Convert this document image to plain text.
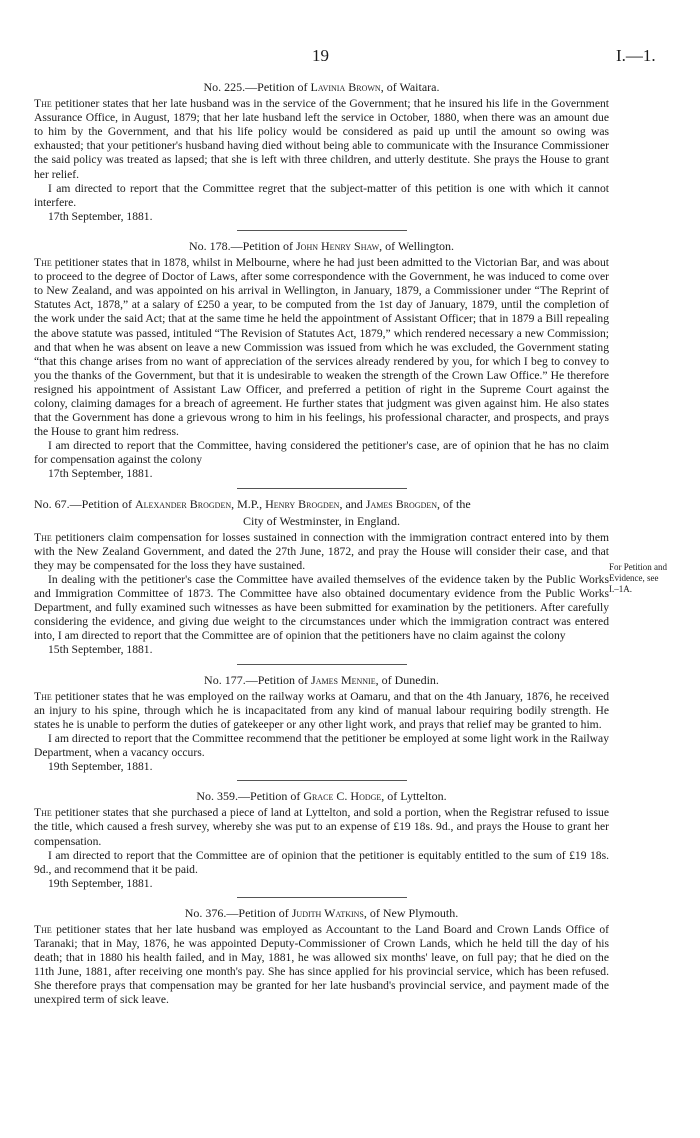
19	I.—1.
For Petition and
Evidence, see
I.–1A.
No. 225.—Petition of Lavinia Brown, of Waitara.

The petitioner states that her late husband was in the service of the Government; that he insured his life in the Government Assurance Office, in August, 1879; that her late husband left the service in October, 1880, when there was an amount due to him by the Government, and that his life policy would be considered as paid up until the amount so owing was exhausted; that your petitioner's husband having died without being able to communicate with the Insurance Commissioner the said policy was treated as lapsed; that she is left with three children, and utterly destitute. She prays the House to grant her relief.

I am directed to report that the Committee regret that the subject-matter of this petition is one with which it cannot interfere.

17th September, 1881.
No. 178.—Petition of John Henry Shaw, of Wellington.

The petitioner states that in 1878, whilst in Melbourne, where he had just been admitted to the Victorian Bar, and was about to proceed to the degree of Doctor of Laws, after some correspondence with the Government, he was induced to come over to New Zealand, and was appointed on his arrival in Wellington, in January, 1879, a Commissioner under “The Reprint of Statutes Act, 1878,” at a salary of £250 a year, to be computed from the 1st day of January, 1879, until the completion of the work under the said Act; that at the same time he held the appointment of Assistant Officer; that in 1879 a Bill repealing the above statute was passed, intituled “The Revision of Statutes Act, 1879,” which rendered necessary a new Commission; and that when he was absent on leave a new Commission was issued from which he was excluded, the Government stating “that this change arises from no want of appreciation of the services already rendered by you, for which I beg to convey to you the thanks of the Government, but that it is undesirable to weaken the strength of the Crown Law Office.” He therefore resigned his appointment of Assistant Law Officer, and preferred a petition of right in the Supreme Court against the colony, claiming damages for a breach of agreement. He further states that judgment was given against him. He also states that the Government has done a grievous wrong to him in his feelings, his professional character, and prospects, and prays the House to grant him redress.

I am directed to report that the Committee, having considered the petitioner's case, are of opinion that he has no claim for compensation against the colony

17th September, 1881.
No. 67.—Petition of Alexander Brogden, M.P., Henry Brogden, and James Brogden, of the
City of Westminster, in England.

The petitioners claim compensation for losses sustained in connection with the immigration contract entered into by them with the New Zealand Government, and dated the 27th June, 1872, and pray the House will consider their case, and that they may be compensated for the loss they have sustained.

In dealing with the petitioner's case the Committee have availed themselves of the evidence taken by the Public Works and Immigration Committee of 1873. The Committee have also obtained documentary evidence from the Public Works Department, and fully examined such witnesses as have been submitted for examination by the petitioners. After carefully considering the evidence, and giving due weight to the circumstances under which the immigration contract was entered into, I am directed to report that the Committee are of opinion that the petitioners have no claim against the colony

15th September, 1881.
No. 177.—Petition of James Mennie, of Dunedin.

The petitioner states that he was employed on the railway works at Oamaru, and that on the 4th January, 1876, he received an injury to his spine, through which he is incapacitated from any kind of manual labour requiring bodily strength. He states he is unable to perform the duties of gatekeeper or any other light work, and prays that relief may be granted to him.

I am directed to report that the Committee recommend that the petitioner be employed at some light work in the Railway Department, when a vacancy occurs.

19th September, 1881.
No. 359.—Petition of Grace C. Hodge, of Lyttelton.

The petitioner states that she purchased a piece of land at Lyttelton, and sold a portion, when the Registrar refused to issue the title, which caused a fresh survey, whereby she was put to an expense of £19 18s. 9d., and prays the House to grant her compensation.

I am directed to report that the Committee are of opinion that the petitioner is equitably entitled to the sum of £19 18s. 9d., and recommend that it be paid.

19th September, 1881.
No. 376.—Petition of Judith Watkins, of New Plymouth.

The petitioner states that her late husband was employed as Accountant to the Land Board and Crown Lands Office of Taranaki; that in May, 1876, he was appointed Deputy-Commissioner of Crown Lands, which he held till the day of his death; that in 1880 his health failed, and in May, 1881, he was allowed six months' leave, on full pay; that he died on the 11th June, 1881, after receiving one month's pay. She has since applied for his provincial service, which has been refused. She therefore prays that compensation may be granted for her late husband's provincial service, and payment made of the unexpired term of sick leave.
